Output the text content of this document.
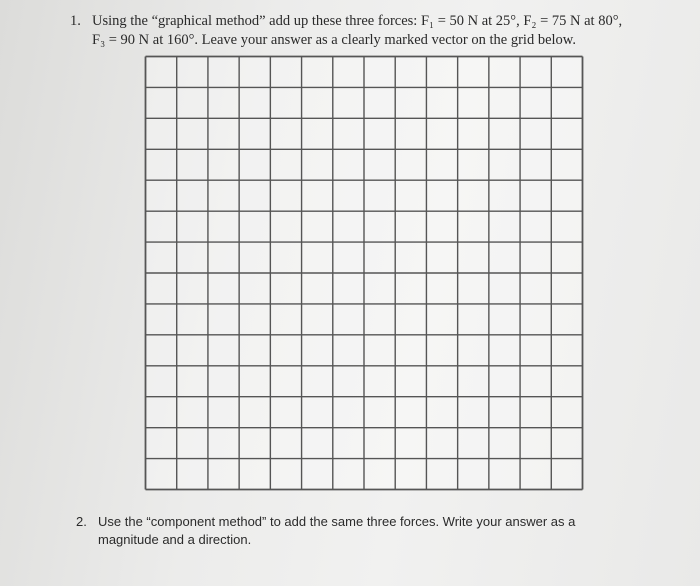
1. Using the “graphical method” add up these three forces: F₁ = 50 N at 25°, F₂ = 75 N at 80°,
F₃ = 90 N at 160°. Leave your answer as a clearly marked vector on the grid below.
2. Use the “component method” to add the same three forces. Write your answer as a
magnitude and a direction.
